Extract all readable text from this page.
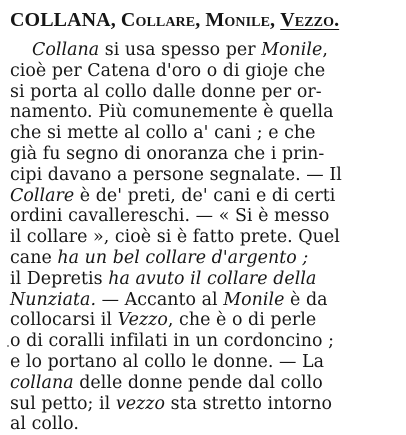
COLLANA, Collare, Monile, Vezzo.
Collana si usa spesso per Monile,
cioè per Catena d'oro o di gioje che
si porta al collo dalle donne per or-
namento. Più comunemente è quella
che si mette al collo a' cani ; e che
già fu segno di onoranza che i prin-
cipi davano a persone segnalate. — Il
Collare è de' preti, de' cani e di certi
ordini cavallereschi. — « Si è messo
il collare », cioè si è fatto prete. Quel
cane ha un bel collare d'argento ;
il Depretis ha avuto il collare della
Nunziata. — Accanto al Monile è da
collocarsi il Vezzo, che è o di perle
o di coralli infilati in un cordoncino ;
e lo portano al collo le donne. — La
collana delle donne pende dal collo
sul petto; il vezzo sta stretto intorno
al collo.
